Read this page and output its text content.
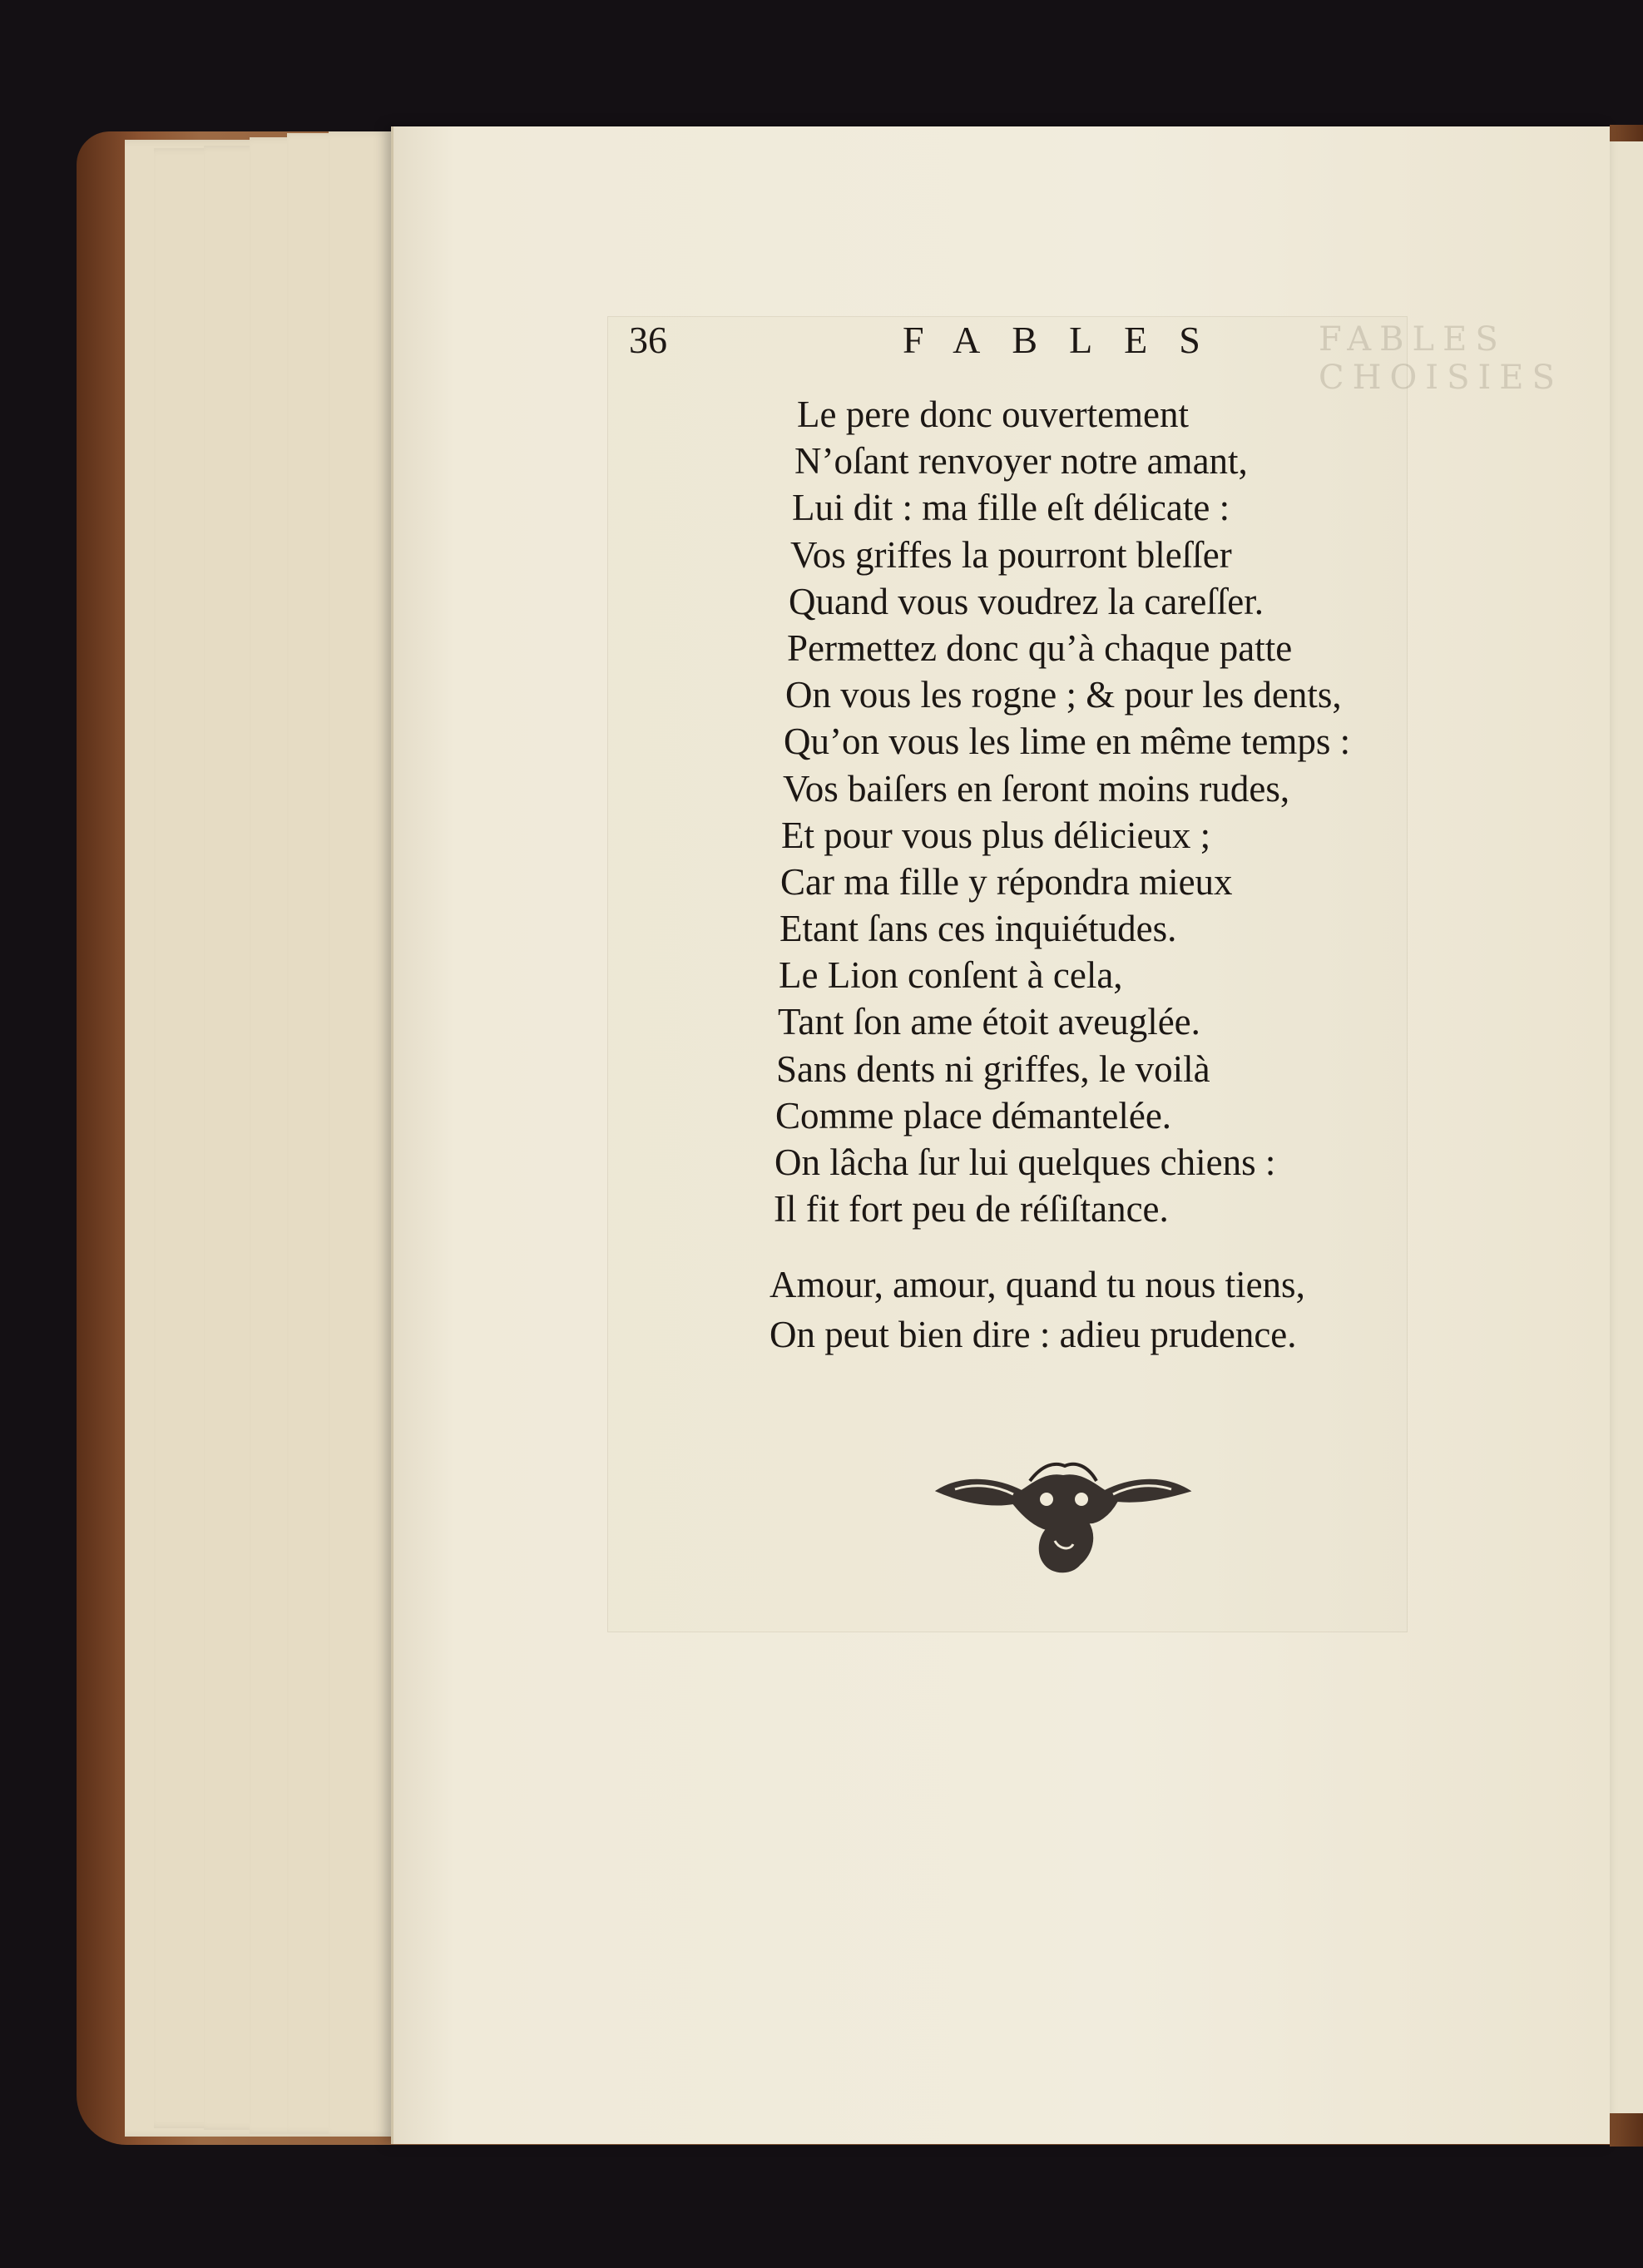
FABLES CHOISIES
36	FABLES
Le pere donc ouvertement
N’oſant renvoyer notre amant,
Lui dit : ma fille eſt délicate :
Vos griffes la pourront bleſſer
Quand vous voudrez la careſſer.
Permettez donc qu’à chaque patte
On vous les rogne ; & pour les dents,
Qu’on vous les lime en même temps :
Vos baiſers en ſeront moins rudes,
Et pour vous plus délicieux ;
Car ma fille y répondra mieux
Etant ſans ces inquiétudes.
Le Lion conſent à cela,
Tant ſon ame étoit aveuglée.
Sans dents ni griffes, le voilà
Comme place démantelée.
On lâcha ſur lui quelques chiens :
Il fit fort peu de réſiſtance.
Amour, amour, quand tu nous tiens,
On peut bien dire : adieu prudence.
